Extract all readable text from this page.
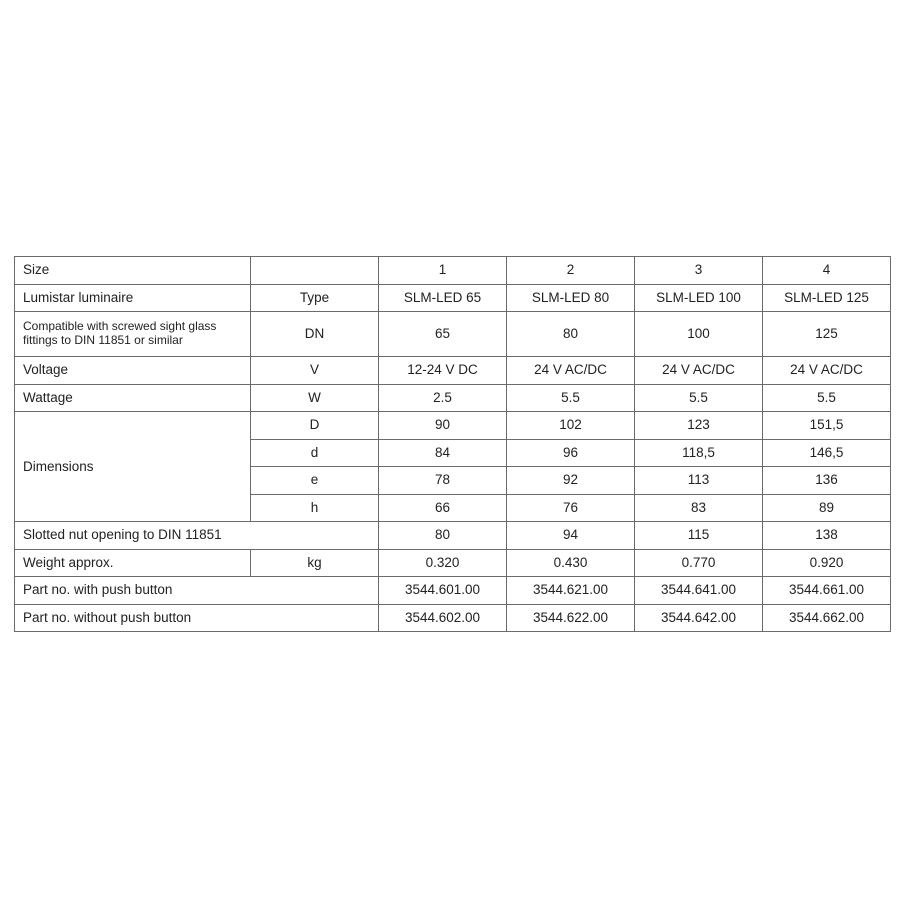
Size		1	2	3	4
Lumistar luminaire	Type	SLM-LED 65	SLM-LED 80	SLM-LED 100	SLM-LED 125
Compatible with screwed sight glass fittings to DIN 11851 or similar	DN	65	80	100	125
Voltage	V	12-24 V DC	24 V AC/DC	24 V AC/DC	24 V AC/DC
Wattage	W	2.5	5.5	5.5	5.5
Dimensions	D	90	102	123	151,5
	d	84	96	118,5	146,5
	e	78	92	113	136
	h	66	76	83	89
Slotted nut opening to DIN 11851		80	94	115	138
Weight approx.	kg	0.320	0.430	0.770	0.920
Part no. with push button		3544.601.00	3544.621.00	3544.641.00	3544.661.00
Part no. without push button		3544.602.00	3544.622.00	3544.642.00	3544.662.00
